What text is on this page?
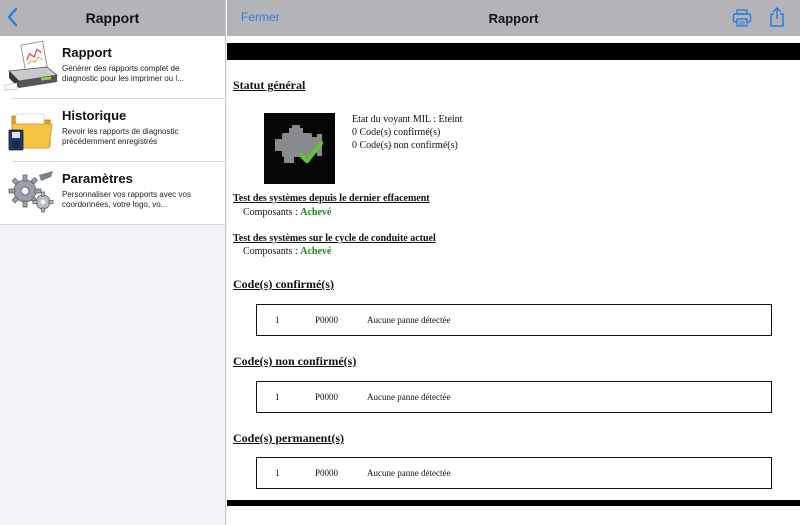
Rapport
Rapport
Générer des rapports complet de diagnostic pour les imprimer ou l...
Historique
Revoir les rapports de diagnostic précédemment enregistrés
Paramètres
Personnaliser vos rapports avec vos coordonnées, votre logo, vo...
Fermer	Rapport
Statut général
Etat du voyant MIL : Eteint
0 Code(s) confirmé(s)
0 Code(s) non confirmé(s)
Test des systèmes depuis le dernier effacement
Composants : Achevé
Test des systèmes sur le cycle de conduite actuel
Composants : Achevé
Code(s) confirmé(s)
1	P0000	Aucune panne détectée
Code(s) non confirmé(s)
1	P0000	Aucune panne détectée
Code(s) permanent(s)
1	P0000	Aucune panne détectée
